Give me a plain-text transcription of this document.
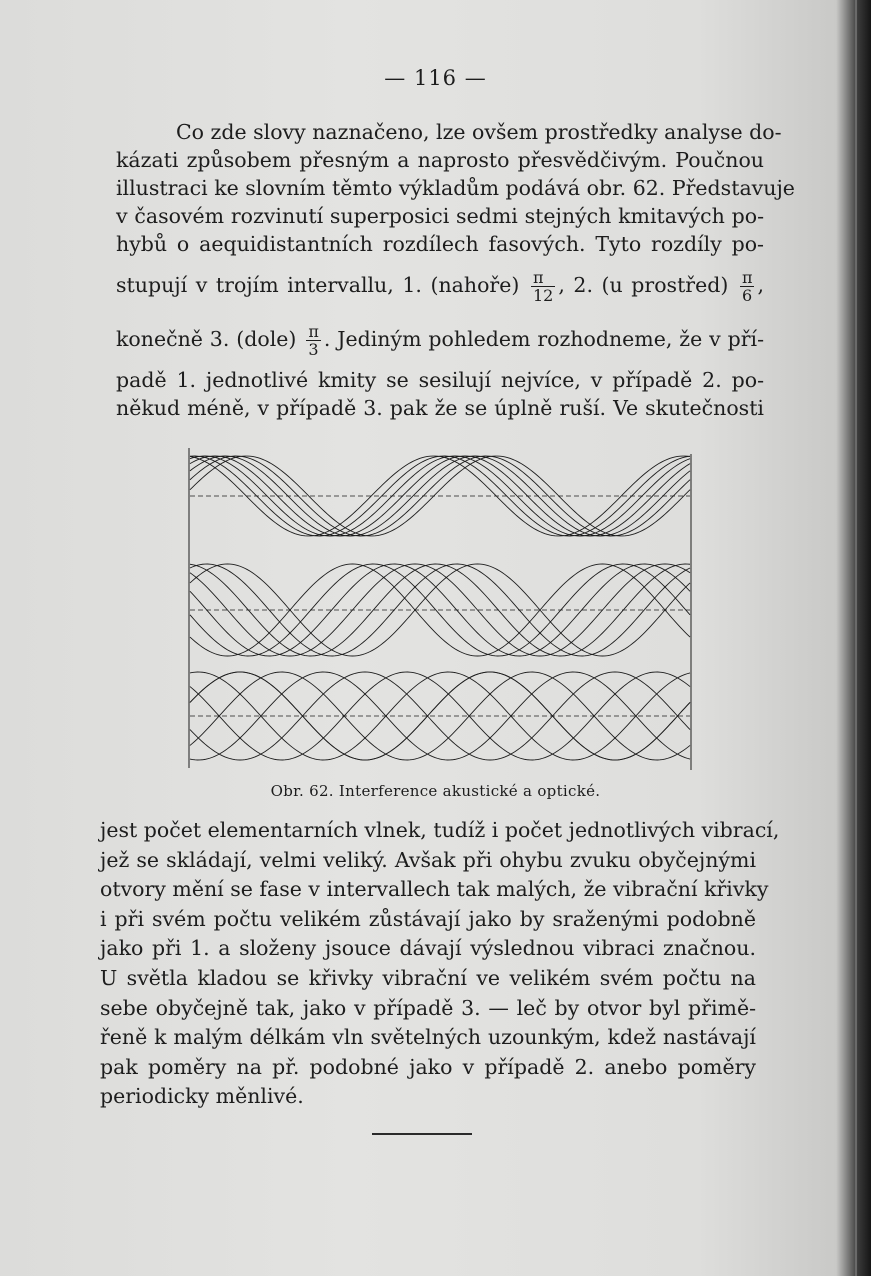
— 116 —
Co zde slovy naznačeno, lze ovšem prostředky analyse do-
kázati způsobem přesným a naprosto přesvědčivým. Poučnou
illustraci ke slovním těmto výkladům podává obr. 62. Představuje
v časovém rozvinutí superposici sedmi stejných kmitavých po-
hybů o aequidistantních rozdílech fasových. Tyto rozdíly po-
stupují v trojím intervallu, 1. (nahoře) $\frac{\pi}{12}$ , 2. (u prostřed) $\frac{\pi}{6}$ ,
konečně 3. (dole) $\frac{\pi}{3}$ . Jediným pohledem rozhodneme, že v pří-
padě 1. jednotlivé kmity se sesilují nejvíce, v případě 2. po-
někud méně, v případě 3. pak že se úplně ruší. Ve skutečnosti
Obr. 62. Interference akustické a optické.
jest počet elementarních vlnek, tudíž i počet jednotlivých vibrací,
jež se skládají, velmi veliký. Avšak při ohybu zvuku obyčejnými
otvory mění se fase v intervallech tak malých, že vibrační křivky
i při svém počtu velikém zůstávají jako by sraženými podobně
jako při 1. a složeny jsouce dávají výslednou vibraci značnou.
U světla kladou se křivky vibrační ve velikém svém počtu na
sebe obyčejně tak, jako v případě 3. — leč by otvor byl přimě-
řeně k malým délkám vln světelných uzounkým, kdež nastávají
pak poměry na př. podobné jako v případě 2. anebo poměry
periodicky měnlivé.
